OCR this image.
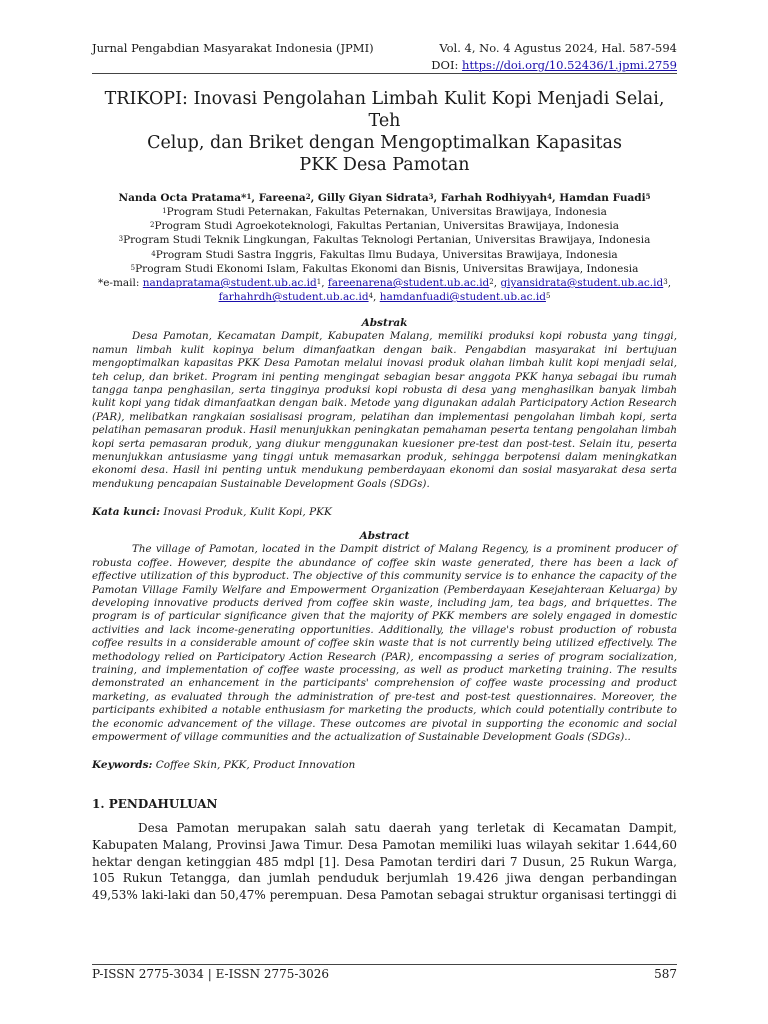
Jurnal Pengabdian Masyarakat Indonesia (JPMI)	Vol. 4, No. 4 Agustus 2024, Hal. 587-594
DOI: https://doi.org/10.52436/1.jpmi.2759
TRIKOPI: Inovasi Pengolahan Limbah Kulit Kopi Menjadi Selai, Teh
Celup, dan Briket dengan Mengoptimalkan Kapasitas
PKK Desa Pamotan
Nanda Octa Pratama*$^1$, Fareena$^2$, Gilly Giyan Sidrata$^3$, Farhah Rodhiyyah$^4$, Hamdan Fuadi$^5$
$^1$Program Studi Peternakan, Fakultas Peternakan, Universitas Brawijaya, Indonesia
$^2$Program Studi Agroekoteknologi, Fakultas Pertanian, Universitas Brawijaya, Indonesia
$^3$Program Studi Teknik Lingkungan, Fakultas Teknologi Pertanian, Universitas Brawijaya, Indonesia
$^4$Program Studi Sastra Inggris, Fakultas Ilmu Budaya, Universitas Brawijaya, Indonesia
$^5$Program Studi Ekonomi Islam, Fakultas Ekonomi dan Bisnis, Universitas Brawijaya, Indonesia
*e-mail: $nandapratama@student.ub.ac.id^1$, $fareenarena@student.ub.ac.id^2$, $giyansidrata@student.ub.ac.id^3$,
$farhahrdh@student.ub.ac.id^4$, $hamdanfuadi@student.ub.ac.id^5$
Abstrak

Desa Pamotan, Kecamatan Dampit, Kabupaten Malang, memiliki produksi kopi robusta yang tinggi, namun limbah kulit kopinya belum dimanfaatkan dengan baik. Pengabdian masyarakat ini bertujuan mengoptimalkan kapasitas PKK Desa Pamotan melalui inovasi produk olahan limbah kulit kopi menjadi selai, teh celup, dan briket. Program ini penting mengingat sebagian besar anggota PKK hanya sebagai ibu rumah tangga tanpa penghasilan, serta tingginya produksi kopi robusta di desa yang menghasilkan banyak limbah kulit kopi yang tidak dimanfaatkan dengan baik. Metode yang digunakan adalah Participatory Action Research (PAR), melibatkan rangkaian sosialisasi program, pelatihan dan implementasi pengolahan limbah kopi, serta pelatihan pemasaran produk. Hasil menunjukkan peningkatan pemahaman peserta tentang pengolahan limbah kopi serta pemasaran produk, yang diukur menggunakan kuesioner pre-test dan post-test. Selain itu, peserta menunjukkan antusiasme yang tinggi untuk memasarkan produk, sehingga berpotensi dalam meningkatkan ekonomi desa. Hasil ini penting untuk mendukung pemberdayaan ekonomi dan sosial masyarakat desa serta mendukung pencapaian Sustainable Development Goals (SDGs).

Kata kunci: Inovasi Produk, Kulit Kopi, PKK
Abstract

The village of Pamotan, located in the Dampit district of Malang Regency, is a prominent producer of robusta coffee. However, despite the abundance of coffee skin waste generated, there has been a lack of effective utilization of this byproduct. The objective of this community service is to enhance the capacity of the Pamotan Village Family Welfare and Empowerment Organization (Pemberdayaan Kesejahteraan Keluarga) by developing innovative products derived from coffee skin waste, including jam, tea bags, and briquettes. The program is of particular significance given that the majority of PKK members are solely engaged in domestic activities and lack income-generating opportunities. Additionally, the village's robust production of robusta coffee results in a considerable amount of coffee skin waste that is not currently being utilized effectively. The methodology relied on Participatory Action Research (PAR), encompassing a series of program socialization, training, and implementation of coffee waste processing, as well as product marketing training. The results demonstrated an enhancement in the participants' comprehension of coffee waste processing and product marketing, as evaluated through the administration of pre-test and post-test questionnaires. Moreover, the participants exhibited a notable enthusiasm for marketing the products, which could potentially contribute to the economic advancement of the village. These outcomes are pivotal in supporting the economic and social empowerment of village communities and the actualization of Sustainable Development Goals (SDGs)..

Keywords: Coffee Skin, PKK, Product Innovation
1. PENDAHULUAN

Desa Pamotan merupakan salah satu daerah yang terletak di Kecamatan Dampit, Kabupaten Malang, Provinsi Jawa Timur. Desa Pamotan memiliki luas wilayah sekitar 1.644,60 hektar dengan ketinggian 485 mdpl [1]. Desa Pamotan terdiri dari 7 Dusun, 25 Rukun Warga, 105 Rukun Tetangga, dan jumlah penduduk berjumlah 19.426 jiwa dengan perbandingan 49,53% laki-laki dan 50,47% perempuan. Desa Pamotan sebagai struktur organisasi tertinggi di

P-ISSN 2775-3034 | E-ISSN 2775-3026	587
